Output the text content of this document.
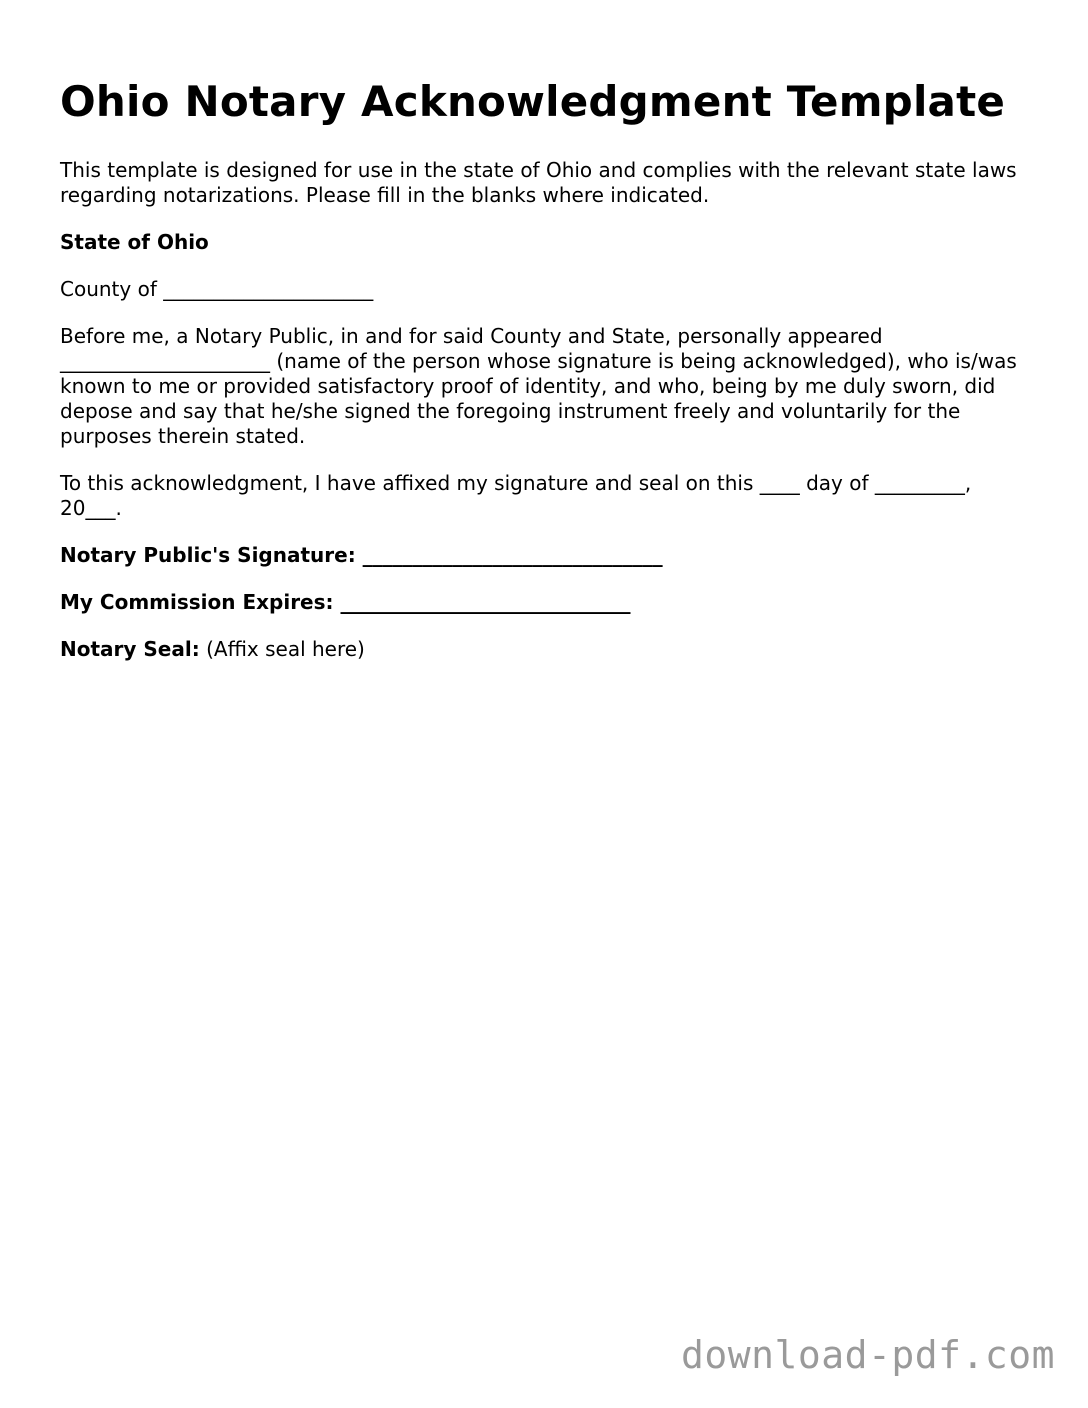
Ohio Notary Acknowledgment Template

This template is designed for use in the state of Ohio and complies with the relevant state laws regarding notarizations. Please fill in the blanks where indicated.

State of Ohio

County of _____________________

Before me, a Notary Public, in and for said County and State, personally appeared _____________________ (name of the person whose signature is being acknowledged), who is/was known to me or provided satisfactory proof of identity, and who, being by me duly sworn, did depose and say that he/she signed the foregoing instrument freely and voluntarily for the purposes therein stated.

To this acknowledgment, I have affixed my signature and seal on this ____ day of _________, 20___.

Notary Public's Signature: ______________________________

My Commission Expires: _____________________________

Notary Seal: (Affix seal here)

download-pdf.com
